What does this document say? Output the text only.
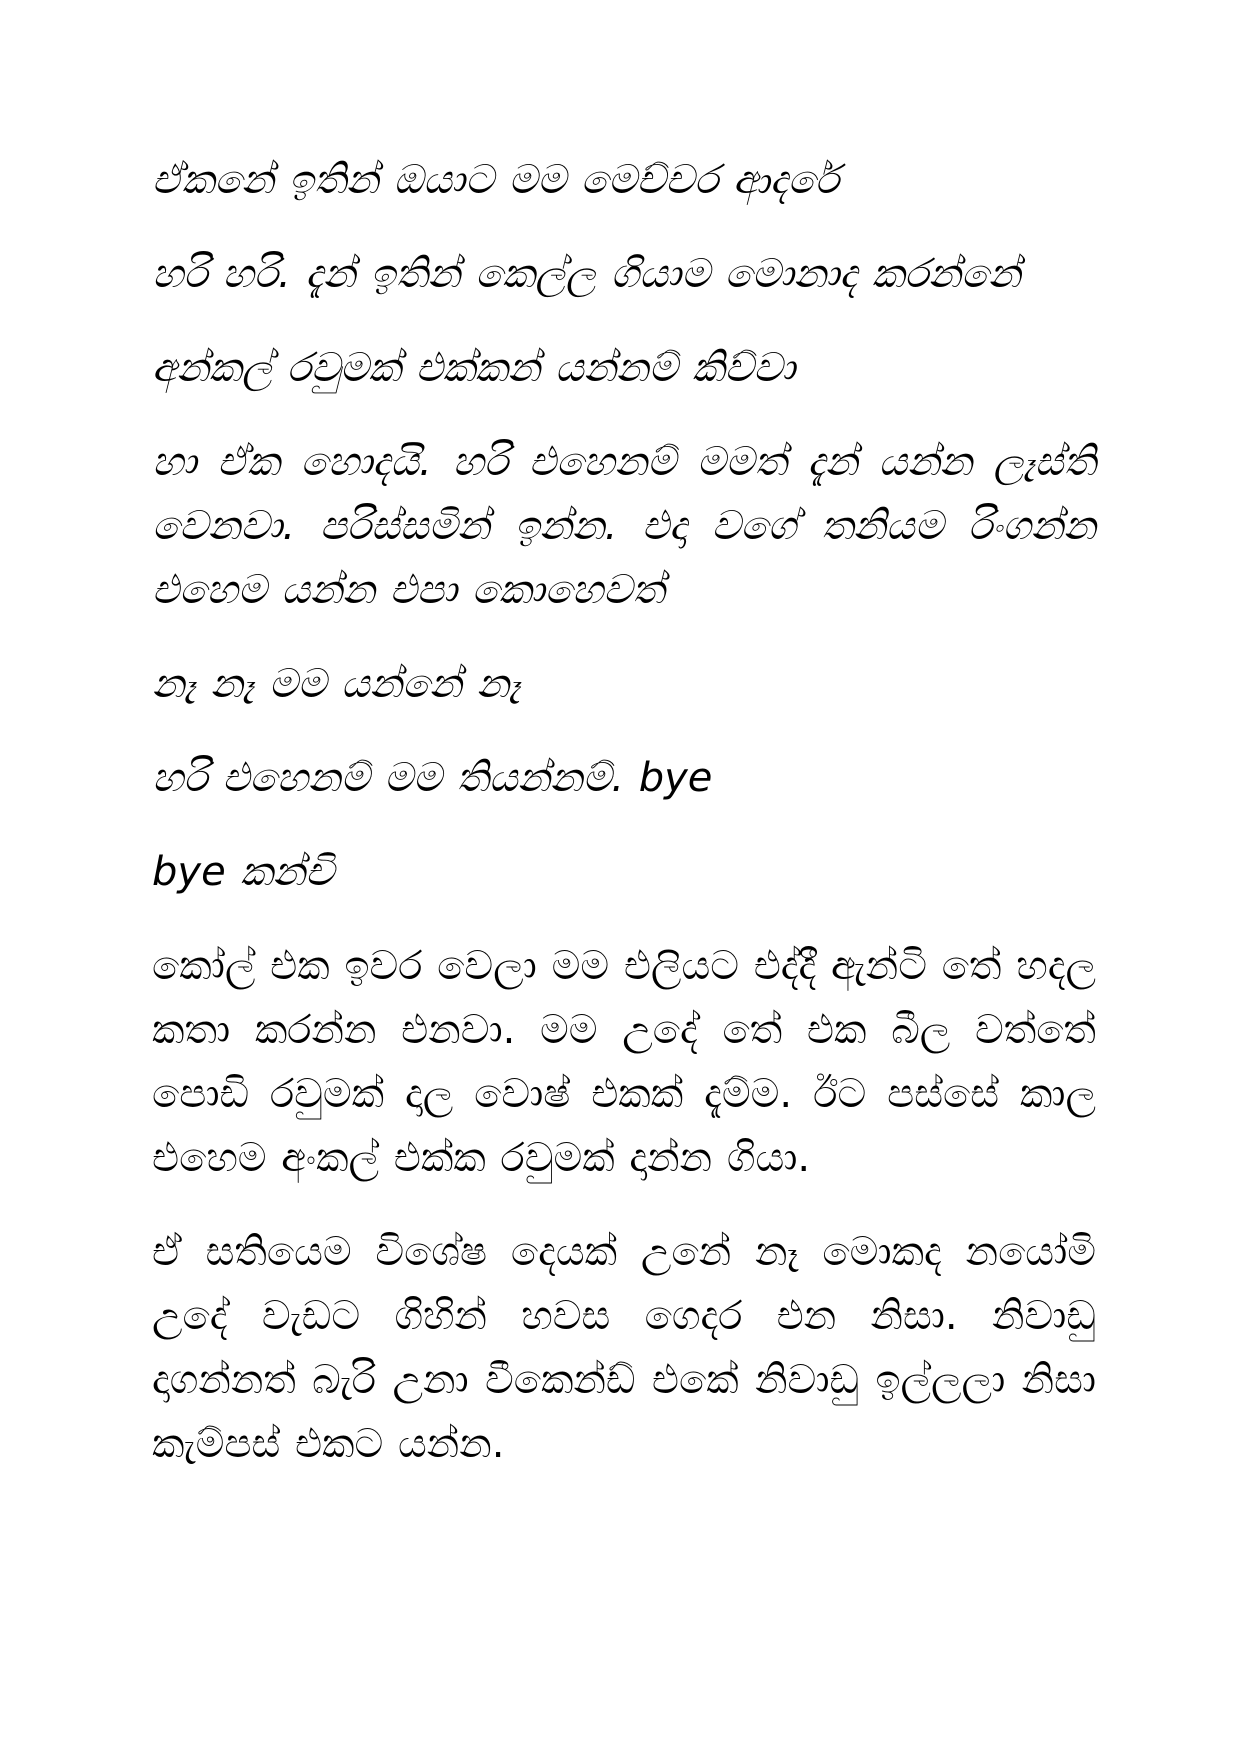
ඒකනේ ඉතින් ඔයාට මම මෙච්චර ආදරේ

හරි හරි. දැන් ඉතින් කෙල්ල ගියාම මොනාද කරන්නේ

අන්කල් රවුමක් එක්කන් යන්නම් කිව්වා

හා ඒක හොදයි. හරි එහෙනම් මමත් දැන් යන්න ලෑස්ති වෙනවා. පරිස්සමින් ඉන්න. එදා වගේ තනියම රිංගන්න එහෙම යන්න එපා කොහෙවත්

නෑ නෑ මම යන්නේ නෑ

හරි එහෙනම් මම තියන්නම්. bye

bye කන්චි

කෝල් එක ඉවර වෙලා මම එලියට එද්දී ඇන්ටි තේ හදල කතා කරන්න එනවා. මම උදේ තේ එක බීල වත්තේ පොඩි රවුමක් දාල වොෂ් එකක් දැම්ම. ඊට පස්සේ කාල එහෙම අංකල් එක්ක රවුමක් දාන්න ගියා.

ඒ සතියෙම විශේෂ දෙයක් උනේ නෑ මොකද නයෝමි උදේ වැඩට ගිහින් හවස ගෙදර එන නිසා. නිවාඩු දාගන්නත් බැරි උනා වීකෙන්ඩ් එකේ නිවාඩු ඉල්ලලා නිසා කැම්පස් එකට යන්න.
